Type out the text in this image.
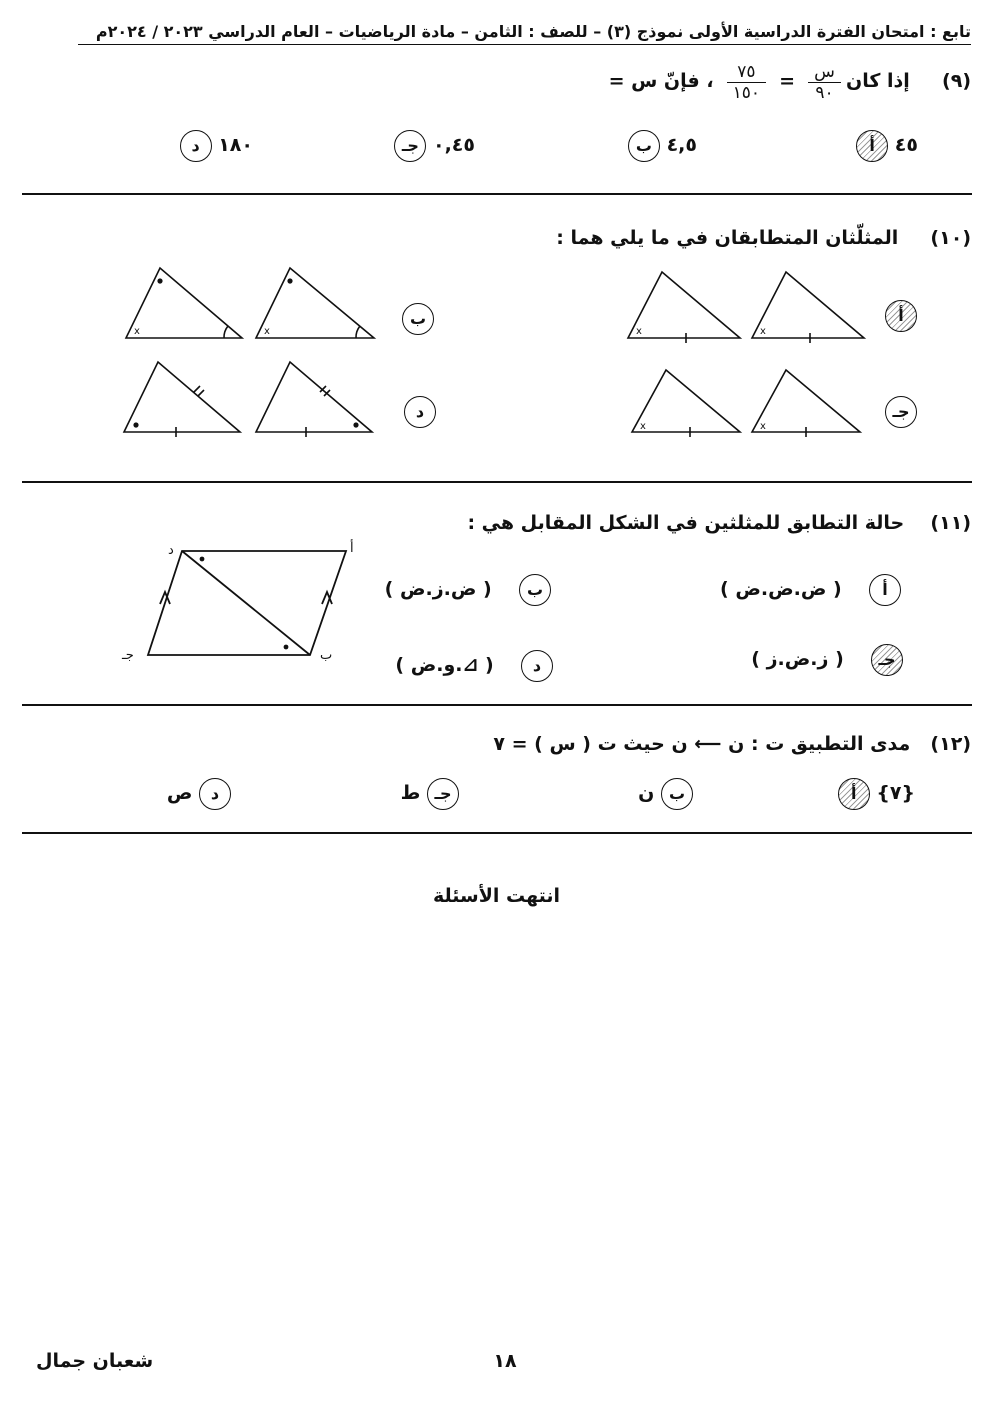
تابع : امتحان الفترة الدراسية الأولى نموذج (٣) – للصف : الثامن – مادة الرياضيات – العام الدراسي ٢٠٢٣ / ٢٠٢٤م
(٩)  إذا كان
$\frac{\text{س}}{٩٠}$
=
$\frac{٧٥}{١٥٠}$
، فإنّ س =
أ ٤٥
ب ٤,٥
جـ ٠,٤٥
د ١٨٠
(١٠)  المثلّثان المتطابقان في ما يلي هما :
أ
ب
جـ
د
x	x
x	x
x	x
(١١)  حالة التطابق للمثلثين في الشكل المقابل هي :
أ  ( ض.ض.ض )
ب  ( ض.ز.ض )
جـ  ( ز.ض.ز )
د  ( ⊿.و.ض )
أ
ب
جـ
د
(١٢)  مدى التطبيق ت : ن ⟵ ن حيث ت ( س ) = ٧
أ {٧}
ب ن
جـ ط
د ص
انتهت الأسئلة
١٨
شعبان جمال
